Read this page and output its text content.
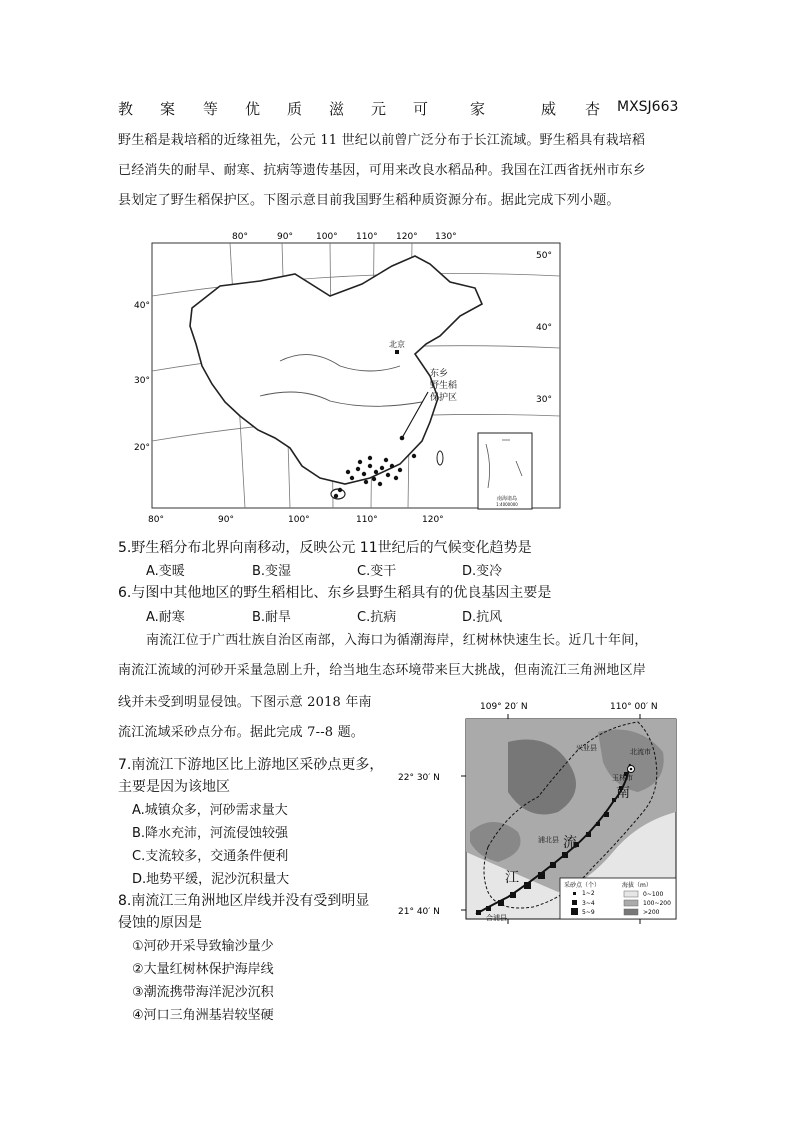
教 案 等 优 质 滋 元 可	家	威 杏 MXSJ663
野生稻是栽培稻的近缘祖先，公元 11 世纪以前曾广泛分布于长江流域。野生稻具有栽培稻
已经消失的耐旱、耐寒、抗病等遗传基因，可用来改良水稻品种。我国在江西省抚州市东乡
县划定了野生稻保护区。下图示意目前我国野生稻种质资源分布。据此完成下列小题。
北京
东乡
野生稻
保护区
南海诸岛
1:4000000
80°	90°	100° 110° 120° 130°
80°	90°	100°	110°	120°
40°
30°
20°
50°
40°
30°
5.野生稻分布北界向南移动，反映公元 11世纪后的气候变化趋势是
A.变暖	B.变湿	C.变干	D.变冷
6.与图中其他地区的野生稻相比、东乡县野生稻具有的优良基因主要是
A.耐寒	B.耐旱	C.抗病	D.抗风
南流江位于广西壮族自治区南部，入海口为循潮海岸，红树林快速生长。近几十年间，
南流江流域的河砂开采量急剧上升，给当地生态环境带来巨大挑战，但南流江三角洲地区岸
线并未受到明显侵蚀。下图示意 2018 年南
流江流域采砂点分布。据此完成 7--8 题。
兴业县	北流市
玉林市
浦北县
合浦县
南
流
江
109° 20′ N	110° 00′ N
22° 30′ N
21° 40′ N
采砂点（个）	海拔（m）
1~2
3~4
5~9
0~100
100~200
>200
7.南流江下游地区比上游地区采砂点更多，
主要是因为该地区
A.城镇众多，河砂需求量大
B.降水充沛，河流侵蚀较强
C.支流较多，交通条件便利
D.地势平缓，泥沙沉积量大
8.南流江三角洲地区岸线并没有受到明显
侵蚀的原因是
①河砂开采导致输沙量少
②大量红树林保护海岸线
③潮流携带海洋泥沙沉积
④河口三角洲基岩较坚硬
